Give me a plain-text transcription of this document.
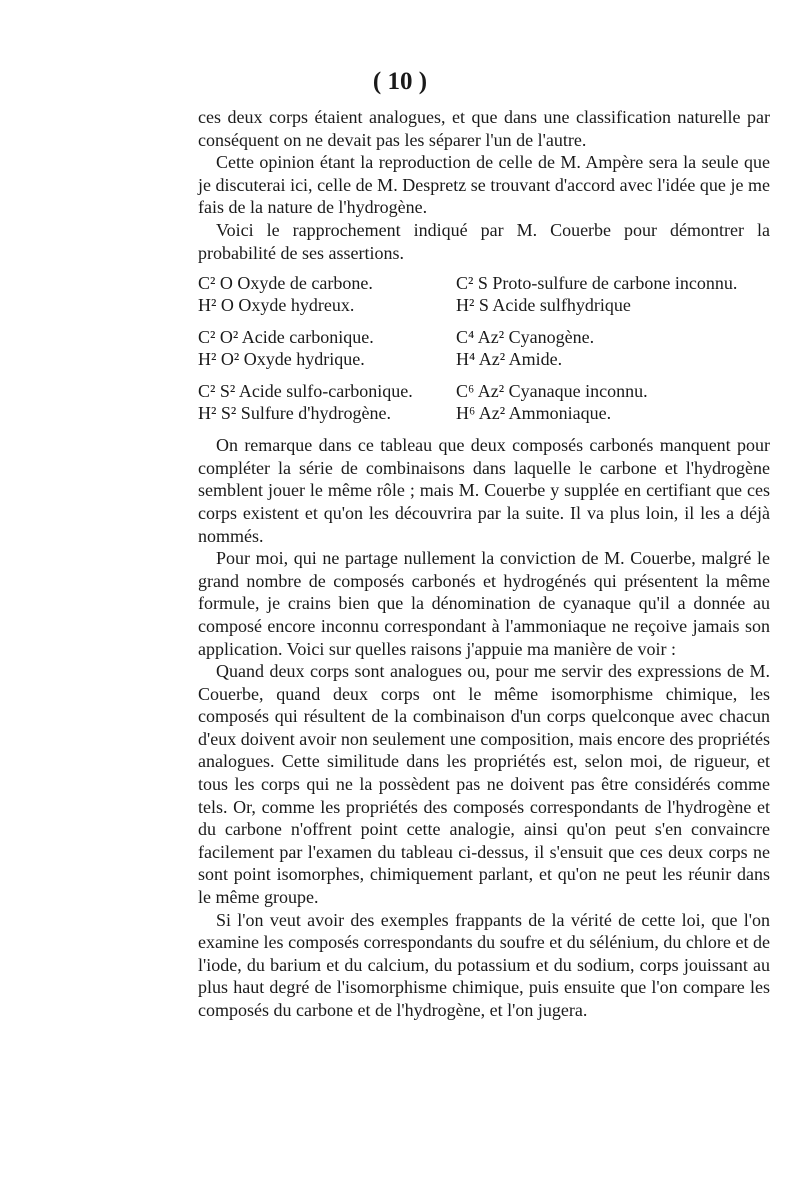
( 10 )

ces deux corps étaient analogues, et que dans une classification naturelle par conséquent on ne devait pas les séparer l'un de l'autre.

Cette opinion étant la reproduction de celle de M. Ampère sera la seule que je discuterai ici, celle de M. Despretz se trouvant d'accord avec l'idée que je me fais de la nature de l'hydrogène.

Voici le rapprochement indiqué par M. Couerbe pour démontrer la probabilité de ses assertions.

C² O Oxyde de carbone.	C² S Proto-sulfure de carbone inconnu.
H² O Oxyde hydreux.	H² S Acide sulfhydrique

C² O² Acide carbonique.	C⁴ Az² Cyanogène.
H² O² Oxyde hydrique.	H⁴ Az² Amide.

C² S² Acide sulfo-carbonique.	C⁶ Az² Cyanaque inconnu.
H² S² Sulfure d'hydrogène.	H⁶ Az² Ammoniaque.

On remarque dans ce tableau que deux composés carbonés manquent pour compléter la série de combinaisons dans laquelle le carbone et l'hydrogène semblent jouer le même rôle ; mais M. Couerbe y supplée en certifiant que ces corps existent et qu'on les découvrira par la suite. Il va plus loin, il les a déjà nommés.

Pour moi, qui ne partage nullement la conviction de M. Couerbe, malgré le grand nombre de composés carbonés et hydrogénés qui présentent la même formule, je crains bien que la dénomination de cyanaque qu'il a donnée au composé encore inconnu correspondant à l'ammoniaque ne reçoive jamais son application. Voici sur quelles raisons j'appuie ma manière de voir :

Quand deux corps sont analogues ou, pour me servir des expressions de M. Couerbe, quand deux corps ont le même isomorphisme chimique, les composés qui résultent de la combinaison d'un corps quelconque avec chacun d'eux doivent avoir non seulement une composition, mais encore des propriétés analogues. Cette similitude dans les propriétés est, selon moi, de rigueur, et tous les corps qui ne la possèdent pas ne doivent pas être considérés comme tels. Or, comme les propriétés des composés correspondants de l'hydrogène et du carbone n'offrent point cette analogie, ainsi qu'on peut s'en convaincre facilement par l'examen du tableau ci-dessus, il s'ensuit que ces deux corps ne sont point isomorphes, chimiquement parlant, et qu'on ne peut les réunir dans le même groupe.

Si l'on veut avoir des exemples frappants de la vérité de cette loi, que l'on examine les composés correspondants du soufre et du sélénium, du chlore et de l'iode, du barium et du calcium, du potassium et du sodium, corps jouissant au plus haut degré de l'isomorphisme chimique, puis ensuite que l'on compare les composés du carbone et de l'hydrogène, et l'on jugera.
